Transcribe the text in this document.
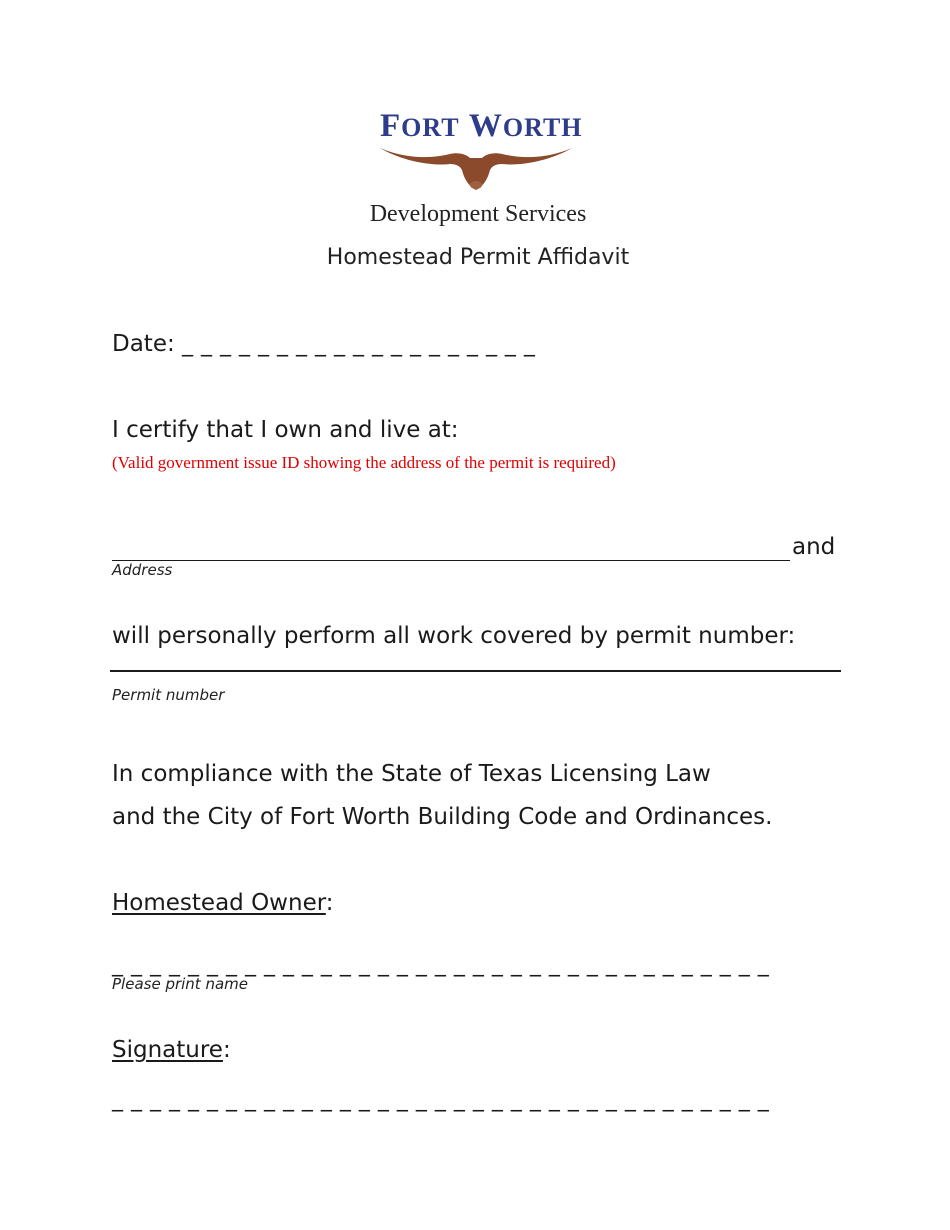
FORT WORTH
Development Services
Homestead Permit Affidavit
Date: _ _ _ _ _ _ _ _ _ _ _ _ _ _ _ _ _ _ _
I certify that I own and live at:
(Valid government issue ID showing the address of the permit is required)
and
Address
will personally perform all work covered by permit number:
Permit number
In compliance with the State of Texas Licensing Law
and the City of Fort Worth Building Code and Ordinances.
Homestead Owner:
_ _ _ _ _ _ _ _ _ _ _ _ _ _ _ _ _ _ _ _ _ _ _ _ _ _ _ _ _ _ _ _ _ _ _
Please print name
Signature:
_ _ _ _ _ _ _ _ _ _ _ _ _ _ _ _ _ _ _ _ _ _ _ _ _ _ _ _ _ _ _ _ _ _ _
